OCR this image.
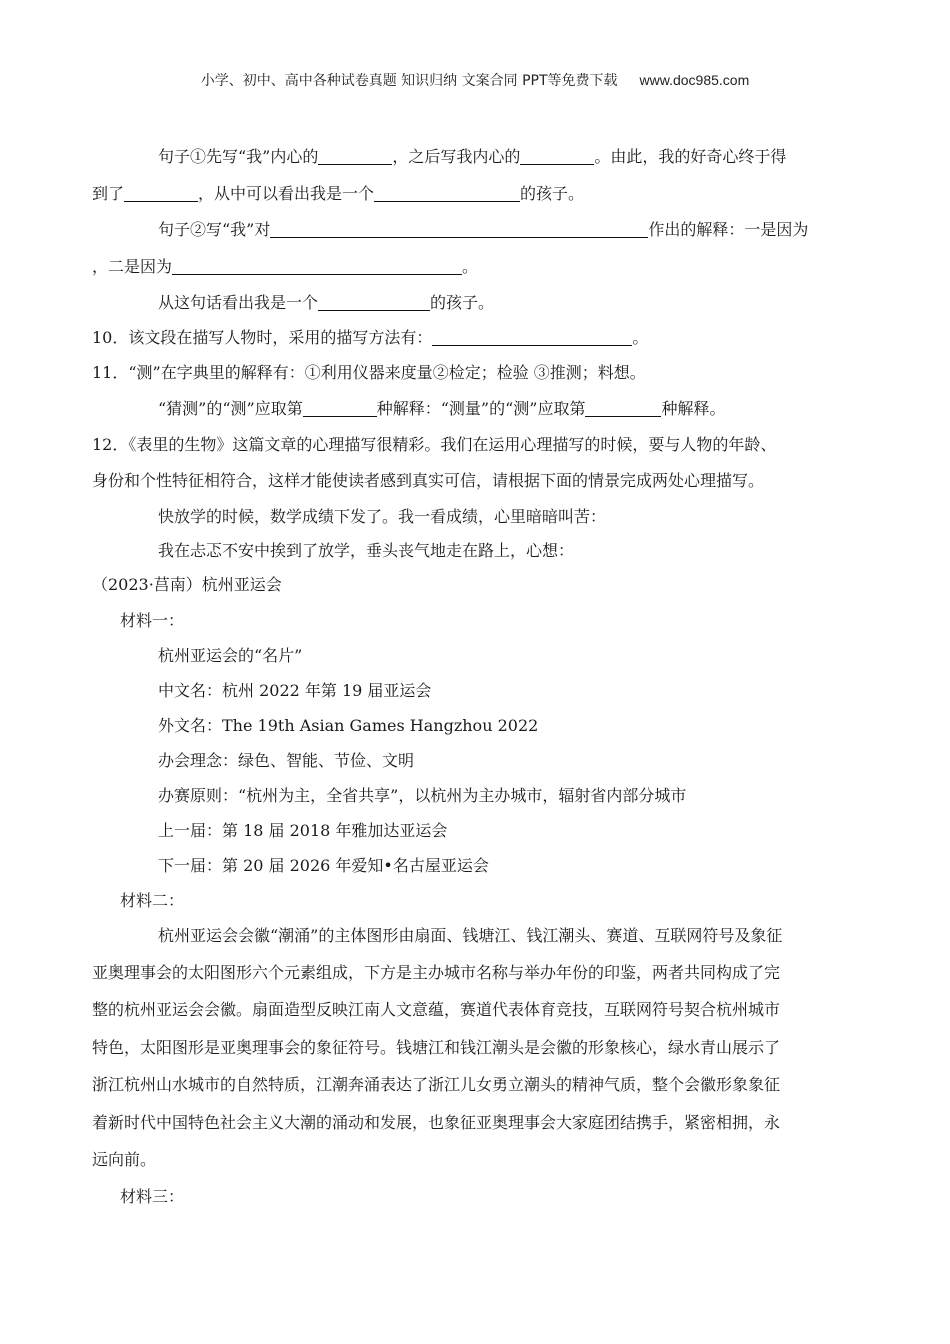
小学、初中、高中各种试卷真题 知识归纳 文案合同 PPT等免费下载 www.doc985.com
句子①先写“我”内心的	，之后写我内心的	。由此，我的好奇心终于得
到了	，从中可以看出我是一个	的孩子。
句子②写“我”对	作出的解释：一是因为
，二是因为	。
从这句话看出我是一个	的孩子。
10．该文段在描写人物时，采用的描写方法有：	。
11．“测”在字典里的解释有：①利用仪器来度量②检定；检验 ③推测；料想。
“猜测”的“测”应取第	种解释：“测量”的“测”应取第	种解释。
12．《表里的生物》这篇文章的心理描写很精彩。我们在运用心理描写的时候，要与人物的年龄、
身份和个性特征相符合，这样才能使读者感到真实可信，请根据下面的情景完成两处心理描写。
快放学的时候，数学成绩下发了。我一看成绩，心里暗暗叫苦：
我在忐忑不安中挨到了放学，垂头丧气地走在路上，心想：
（2023·莒南）杭州亚运会
材料一：
杭州亚运会的“名片”
中文名：杭州 2022 年第 19 届亚运会
外文名：The 19th Asian Games Hangzhou 2022
办会理念：绿色、智能、节俭、文明
办赛原则：“杭州为主，全省共享”，以杭州为主办城市，辐射省内部分城市
上一届：第 18 届 2018 年雅加达亚运会
下一届：第 20 届 2026 年爱知•名古屋亚运会
材料二：
杭州亚运会会徽“潮涌”的主体图形由扇面、钱塘江、钱江潮头、赛道、互联网符号及象征
亚奥理事会的太阳图形六个元素组成，下方是主办城市名称与举办年份的印鉴，两者共同构成了完
整的杭州亚运会会徽。扇面造型反映江南人文意蕴，赛道代表体育竞技，互联网符号契合杭州城市
特色，太阳图形是亚奥理事会的象征符号。钱塘江和钱江潮头是会徽的形象核心，绿水青山展示了
浙江杭州山水城市的自然特质，江潮奔涌表达了浙江儿女勇立潮头的精神气质，整个会徽形象象征
着新时代中国特色社会主义大潮的涌动和发展，也象征亚奥理事会大家庭团结携手，紧密相拥，永
远向前。
材料三：
